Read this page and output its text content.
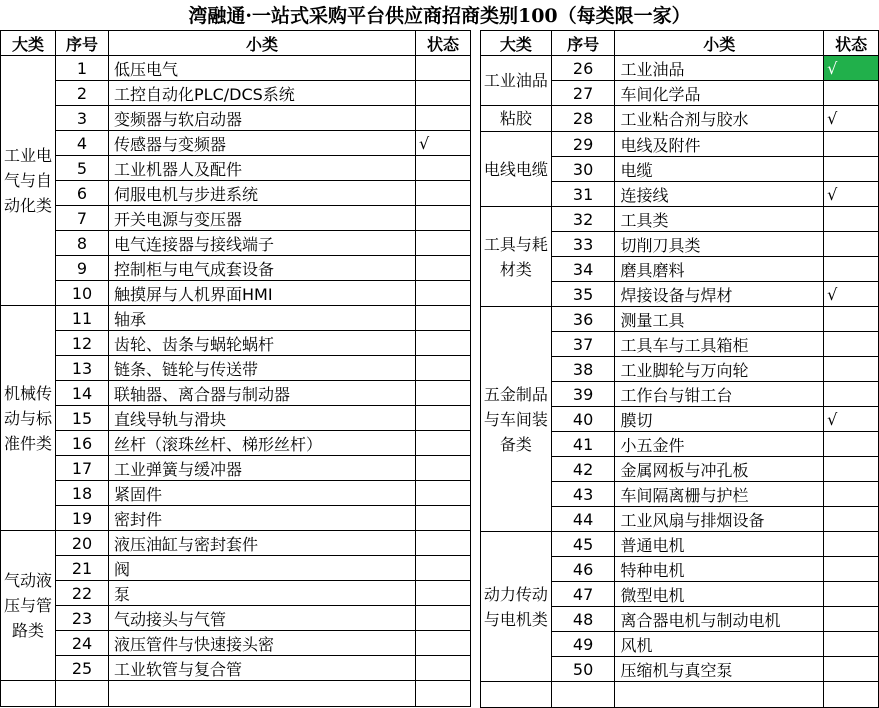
湾融通·一站式采购平台供应商招商类别100（每类限一家）
大类	序号	小类	状态
工业电气与自动化类	1	低压电气	
	2	工控自动化PLC/DCS系统	
	3	变频器与软启动器	
	4	传感器与变频器	√
	5	工业机器人及配件	
	6	伺服电机与步进系统	
	7	开关电源与变压器	
	8	电气连接器与接线端子	
	9	控制柜与电气成套设备	
	10	触摸屏与人机界面HMI	
机械传动与标准件类	11	轴承	
	12	齿轮、齿条与蜗轮蜗杆	
	13	链条、链轮与传送带	
	14	联轴器、离合器与制动器	
	15	直线导轨与滑块	
	16	丝杆（滚珠丝杆、梯形丝杆）	
	17	工业弹簧与缓冲器	
	18	紧固件	
	19	密封件	
气动液压与管路类	20	液压油缸与密封套件	
	21	阀	
	22	泵	
	23	气动接头与气管	
	24	液压管件与快速接头密	
	25	工业软管与复合管	

大类	序号	小类	状态
工业油品	26	工业油品	√
	27	车间化学品	
粘胶	28	工业粘合剂与胶水	√
电线电缆	29	电线及附件	
	30	电缆	
	31	连接线	√
工具与耗材类	32	工具类	
	33	切削刀具类	
	34	磨具磨料	
	35	焊接设备与焊材	√
五金制品与车间装备类	36	测量工具	
	37	工具车与工具箱柜	
	38	工业脚轮与万向轮	
	39	工作台与钳工台	
	40	膜切	√
	41	小五金件	
	42	金属网板与冲孔板	
	43	车间隔离栅与护栏	
	44	工业风扇与排烟设备	
动力传动与电机类	45	普通电机	
	46	特种电机	
	47	微型电机	
	48	离合器电机与制动电机	
	49	风机	
	50	压缩机与真空泵	
